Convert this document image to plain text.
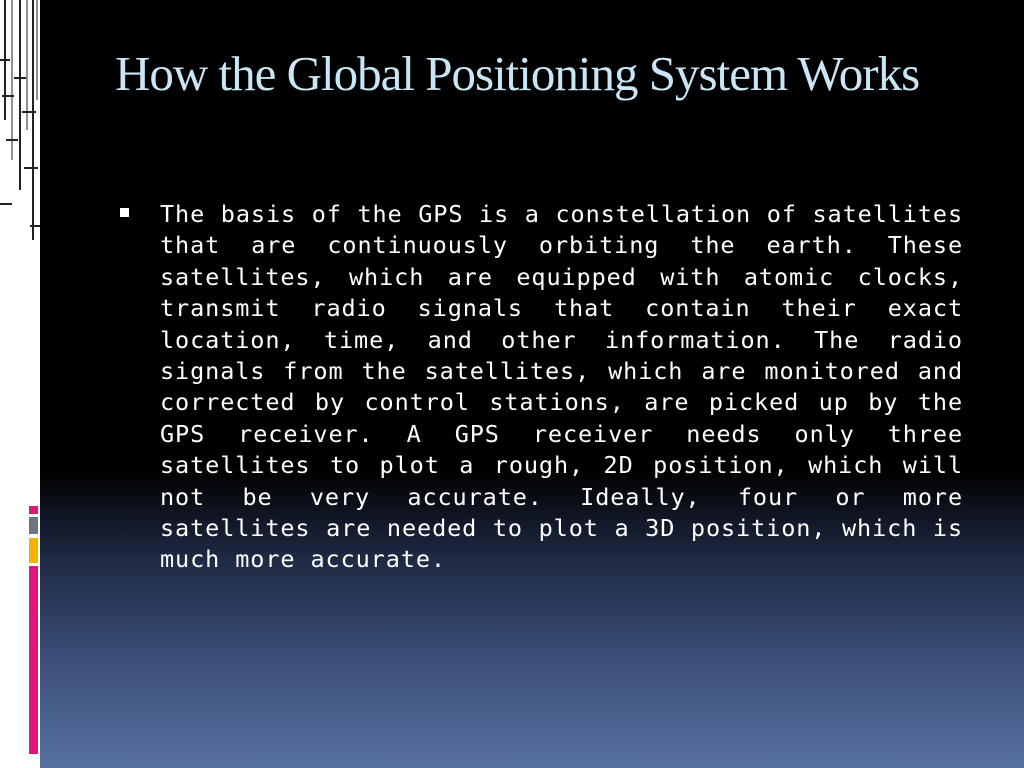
How the Global Positioning System Works
The basis of the GPS is a constellation of satellites that are continuously orbiting the earth. These satellites, which are equipped with atomic clocks, transmit radio signals that contain their exact location, time, and other information. The radio signals from the satellites, which are monitored and corrected by control stations, are picked up by the GPS receiver. A GPS receiver needs only three satellites to plot a rough, 2D position, which will not be very accurate. Ideally, four or more satellites are needed to plot a 3D position, which is much more accurate.
